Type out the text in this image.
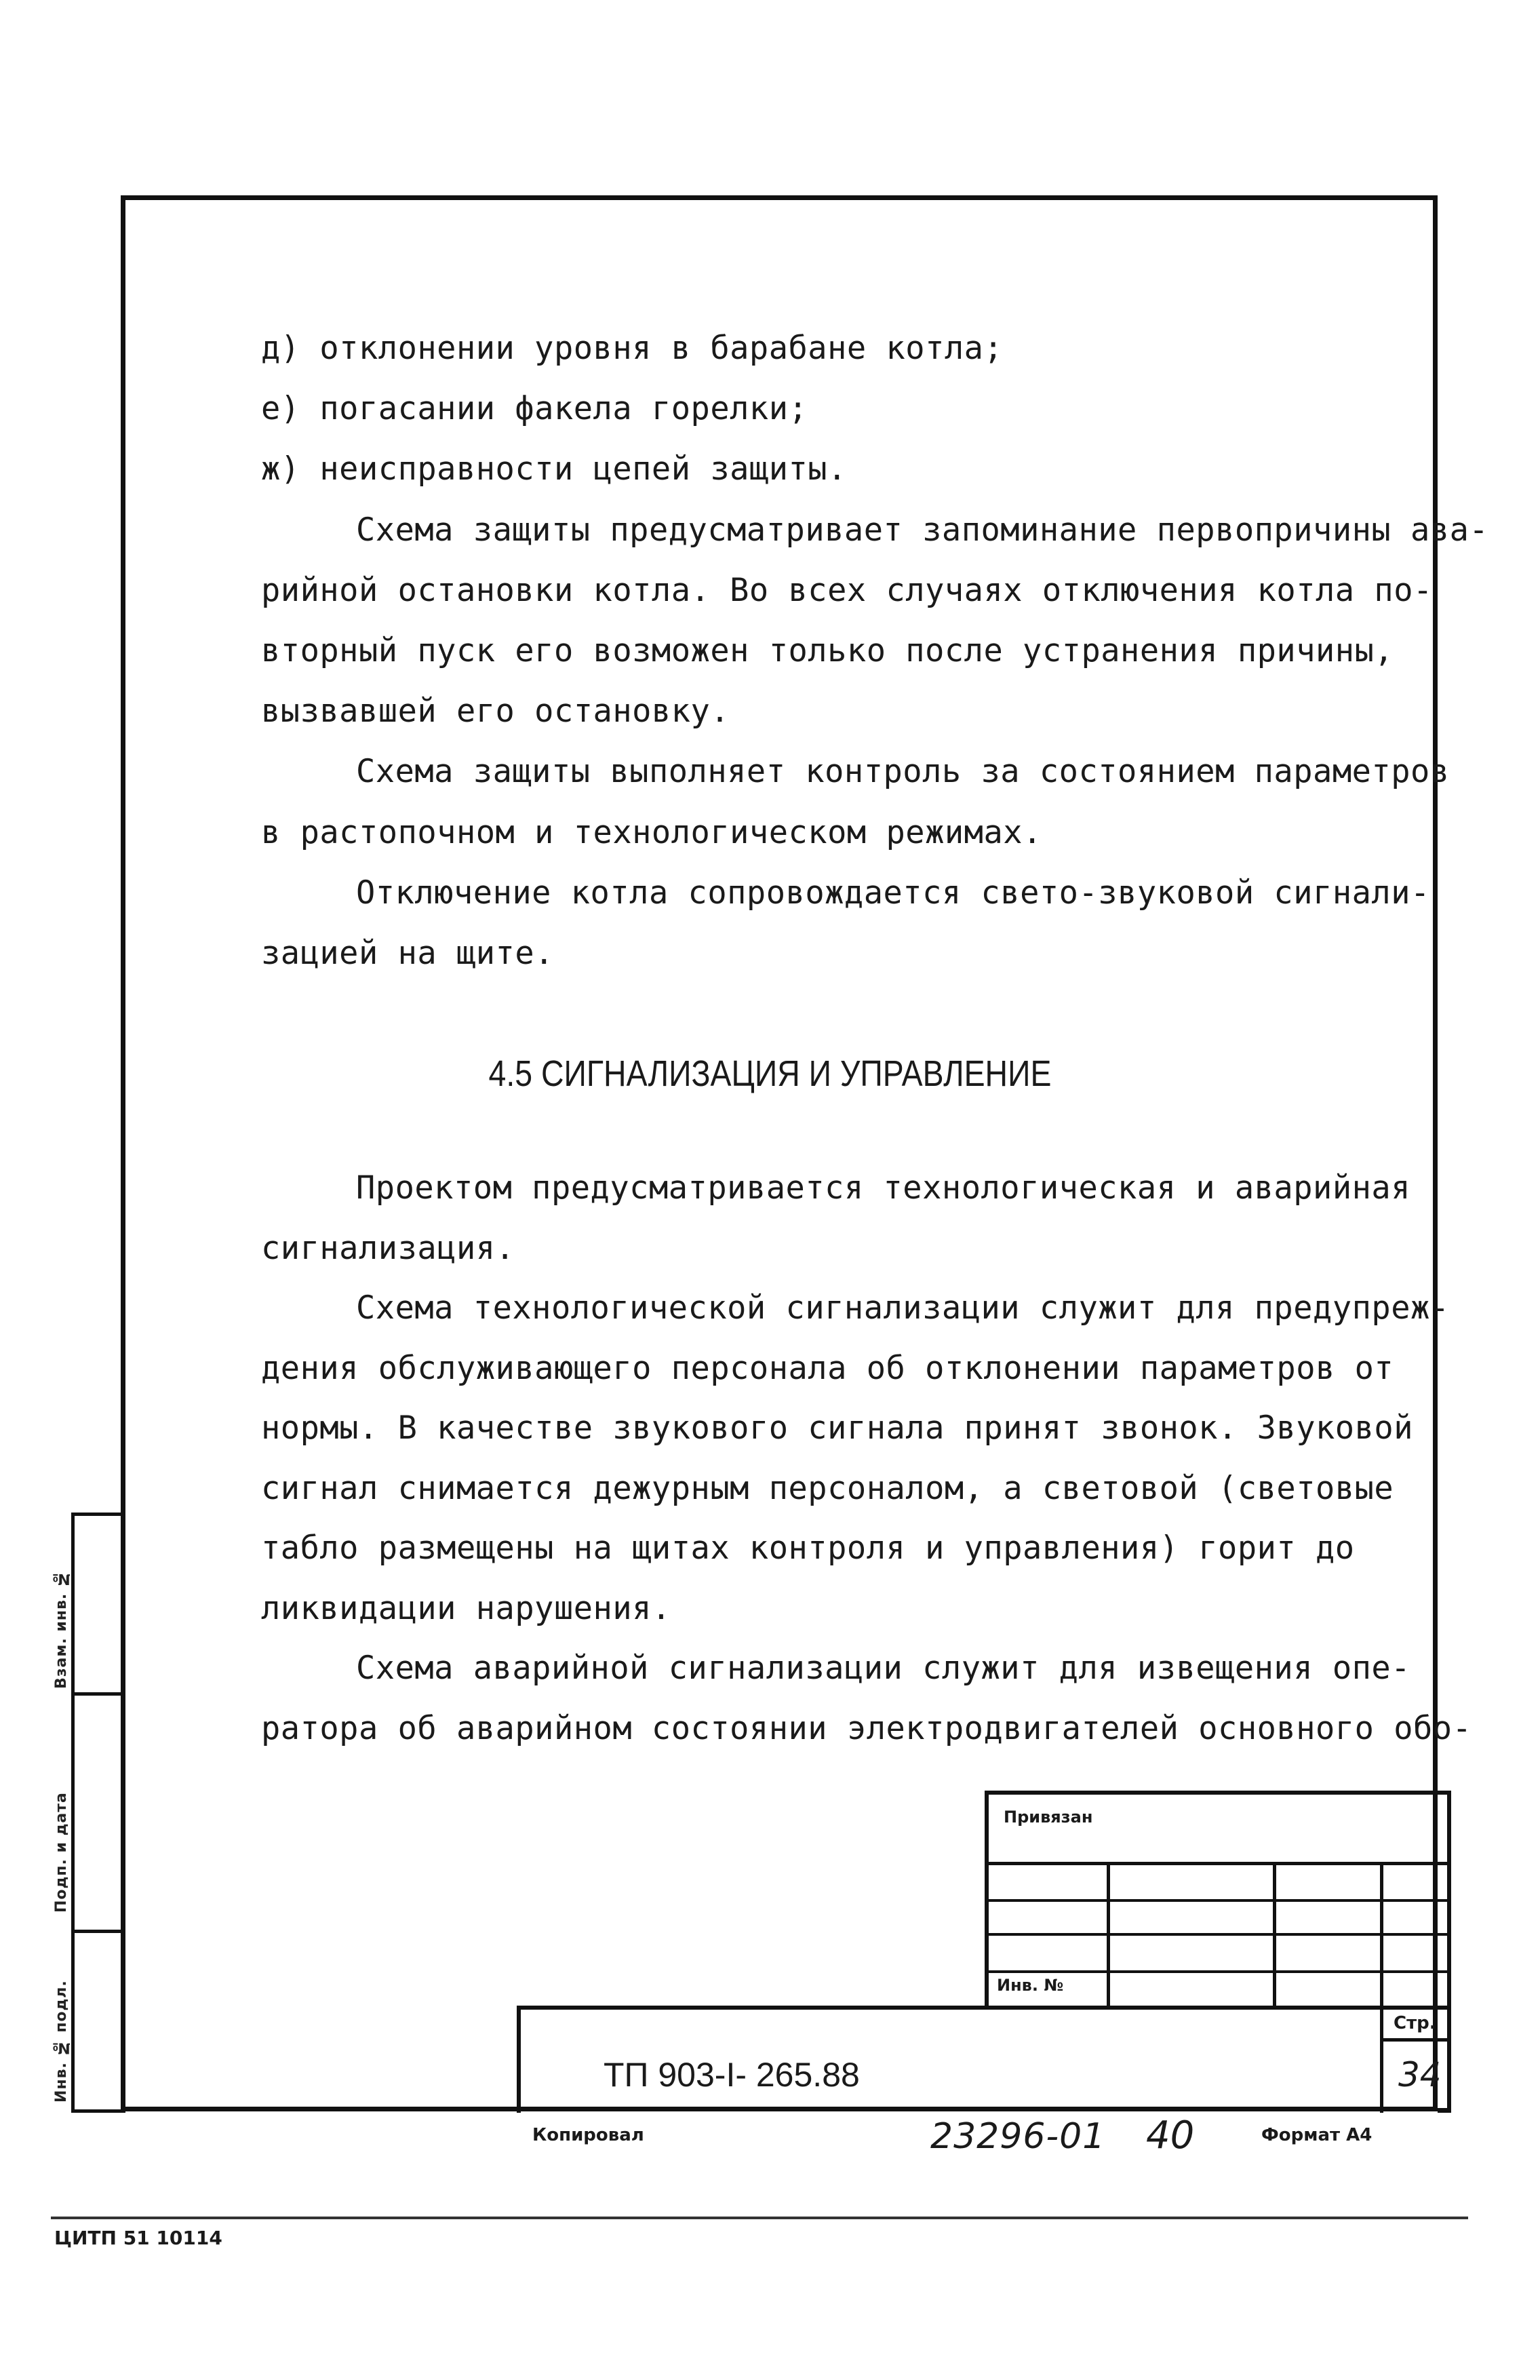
д) отклонении уровня в барабане котла;
е) погасании факела горелки;
ж) неисправности цепей защиты.
Схема защиты предусматривает запоминание первопричины ава-
рийной остановки котла. Во всех случаях отключения котла по-
вторный пуск его возможен только после устранения причины,
вызвавшей его остановку.
Схема защиты выполняет контроль за состоянием параметров
в растопочном и технологическом режимах.
Отключение котла сопровождается свето-звуковой сигнали-
зацией на щите.
4.5 СИГНАЛИЗАЦИЯ И УПРАВЛЕНИЕ
Проектом предусматривается технологическая и аварийная
сигнализация.
Схема технологической сигнализации служит для предупреж-
дения обслуживающего персонала об отклонении параметров от
нормы. В качестве звукового сигнала принят звонок. Звуковой
сигнал снимается дежурным персоналом, а световой (световые
табло размещены на щитах контроля и управления) горит до
ликвидации нарушения.
Схема аварийной сигнализации служит для извещения опе-
ратора об аварийном состоянии электродвигателей основного обо-
Взам. инв. №
Подп. и дата
Инв. № подл.
Привязан
Инв. №
ТП 903-I- 265.88
Стр.
34
Копировал	23296-01 40	Формат А4
ЦИТП 51 10114
